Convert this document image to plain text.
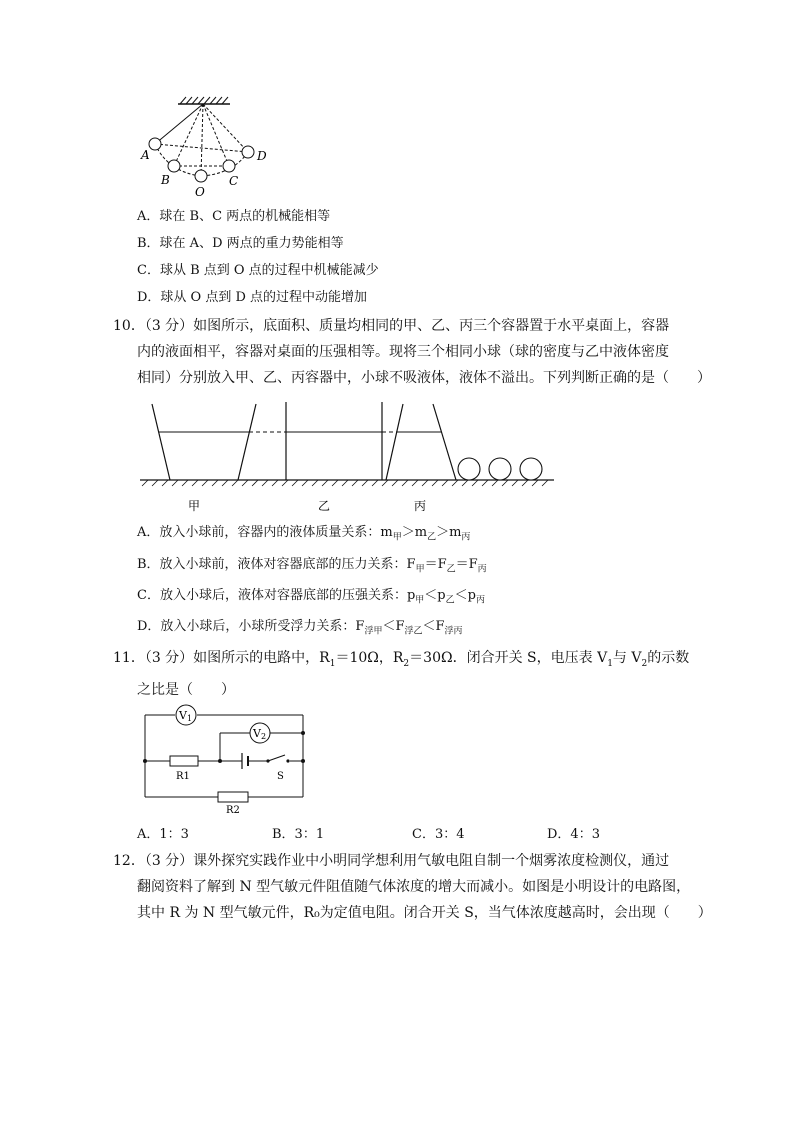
A
B
O
C
D
A．球在 B、C 两点的机械能相等
B．球在 A、D 两点的重力势能相等
C．球从 B 点到 O 点的过程中机械能减少
D．球从 O 点到 D 点的过程中动能增加
10．（3 分）如图所示，底面积、质量均相同的甲、乙、丙三个容器置于水平桌面上，容器
内的液面相平，容器对桌面的压强相等。现将三个相同小球（球的密度与乙中液体密度
相同）分别放入甲、乙、丙容器中，小球不吸液体，液体不溢出。下列判断正确的是（　　）
甲	乙	丙
A．放入小球前，容器内的液体质量关系：$m_甲>m_乙>m_丙$
B．放入小球前，液体对容器底部的压力关系：$F_甲=F_乙=F_丙$
C．放入小球后，液体对容器底部的压强关系：$p_甲<p_乙<p_丙$
D．放入小球后，小球所受浮力关系：$F_{浮甲}<F_{浮乙}<F_{浮丙}$
11．（3 分）如图所示的电路中，$R_1=10\Omega$，$R_2=30\Omega$．闭合开关 S，电压表 $V_1$与 $V_2$的示数
之比是（　　）
V1
V2
R1	S
R2
A．1：3	B．3：1	C．3：4	D．4：3
12．（3 分）课外探究实践作业中小明同学想利用气敏电阻自制一个烟雾浓度检测仪，通过
翻阅资料了解到 N 型气敏元件阻值随气体浓度的增大而减小。如图是小明设计的电路图，
其中 R 为 N 型气敏元件，R₀为定值电阻。闭合开关 S，当气体浓度越高时，会出现（　　）
